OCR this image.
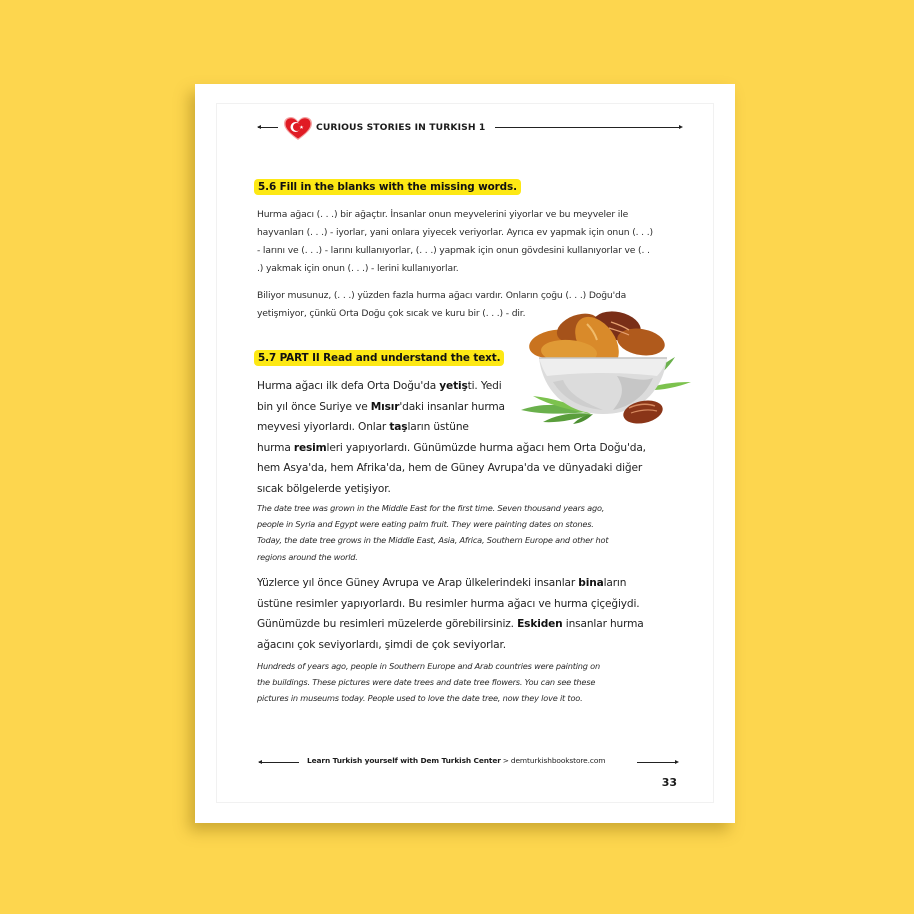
CURIOUS STORIES IN TURKISH 1
5.6 Fill in the blanks with the missing words.
Hurma ağacı (. . .) bir ağaçtır. İnsanlar onun meyvelerini yiyorlar ve bu meyveler ile hayvanları (. . .) - iyorlar, yani onlara yiyecek veriyorlar. Ayrıca ev yapmak için onun (. . .) - larını ve (. . .) - larını kullanıyorlar, (. . .) yapmak için onun gövdesini kullanıyorlar ve (. . .) yakmak için onun (. . .) - lerini kullanıyorlar.
Biliyor musunuz, (. . .) yüzden fazla hurma ağacı vardır. Onların çoğu (. . .) Doğu'da yetişmiyor, çünkü Orta Doğu çok sıcak ve kuru bir (. . .) - dir.
5.7 PART II Read and understand the text.
Hurma ağacı ilk defa Orta Doğu'da yetişti. Yedi
bin yıl önce Suriye ve Mısır'daki insanlar hurma
meyvesi yiyorlardı. Onlar taşların üstüne
hurma resimleri yapıyorlardı. Günümüzde hurma ağacı hem Orta Doğu'da,
hem Asya'da, hem Afrika'da, hem de Güney Avrupa'da ve dünyadaki diğer
sıcak bölgelerde yetişiyor.
The date tree was grown in the Middle East for the first time. Seven thousand years ago,
people in Syria and Egypt were eating palm fruit. They were painting dates on stones.
Today, the date tree grows in the Middle East, Asia, Africa, Southern Europe and other hot
regions around the world.
Yüzlerce yıl önce Güney Avrupa ve Arap ülkelerindeki insanlar binaların
üstüne resimler yapıyorlardı. Bu resimler hurma ağacı ve hurma çiçeğiydi.
Günümüzde bu resimleri müzelerde görebilirsiniz. Eskiden insanlar hurma
ağacını çok seviyorlardı, şimdi de çok seviyorlar.
Hundreds of years ago, people in Southern Europe and Arab countries were painting on
the buildings. These pictures were date trees and date tree flowers. You can see these
pictures in museums today. People used to love the date tree, now they love it too.
Learn Turkish yourself with Dem Turkish Center > demturkishbookstore.com
33
